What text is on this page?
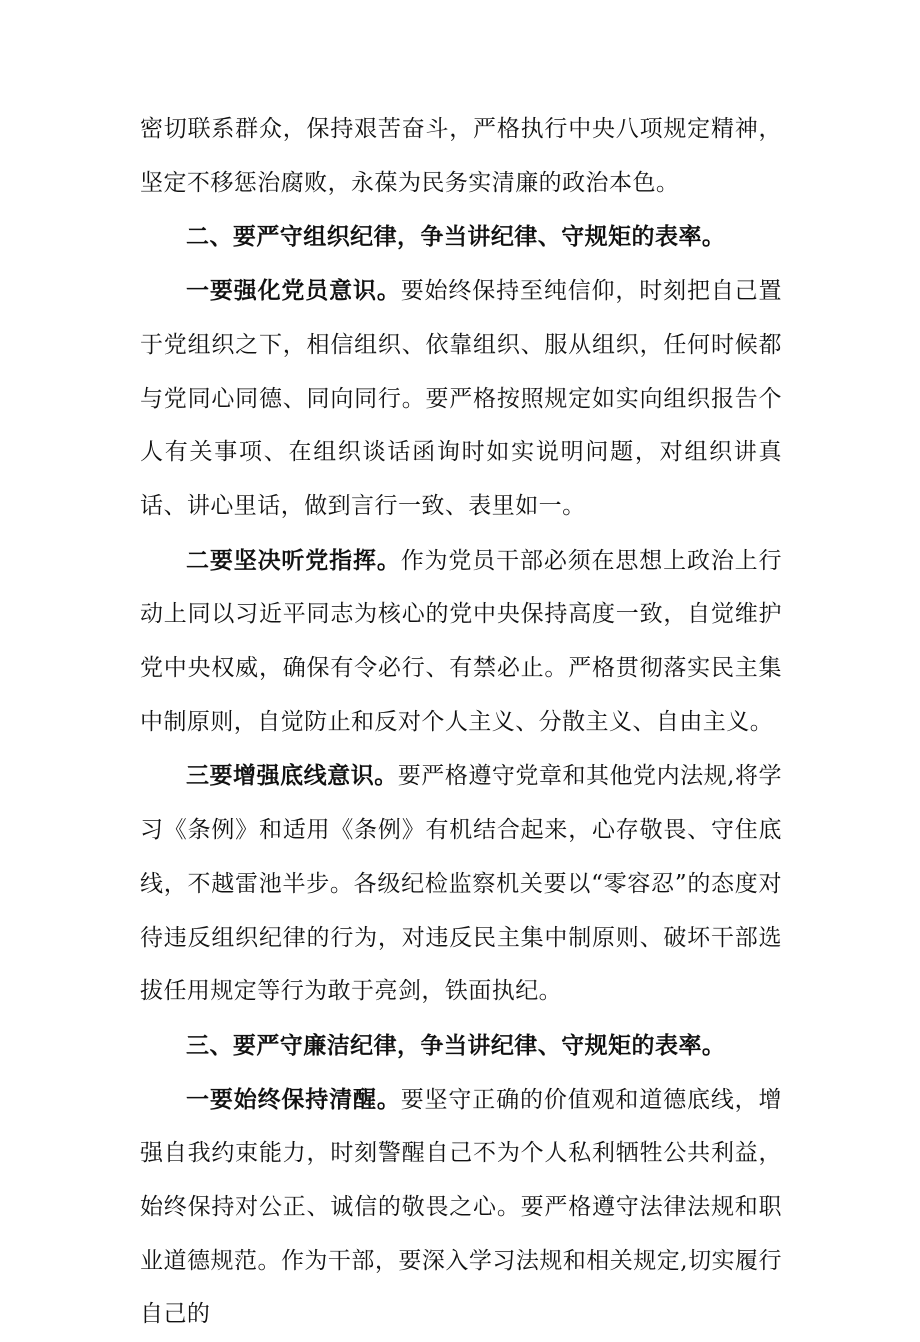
密切联系群众，保持艰苦奋斗，严格执行中央八项规定精神，坚定不移惩治腐败，永葆为民务实清廉的政治本色。

二、要严守组织纪律，争当讲纪律、守规矩的表率。

一要强化党员意识。要始终保持至纯信仰，时刻把自己置于党组织之下，相信组织、依靠组织、服从组织，任何时候都与党同心同德、同向同行。要严格按照规定如实向组织报告个人有关事项、在组织谈话函询时如实说明问题，对组织讲真话、讲心里话，做到言行一致、表里如一。

二要坚决听党指挥。作为党员干部必须在思想上政治上行动上同以习近平同志为核心的党中央保持高度一致，自觉维护党中央权威，确保有令必行、有禁必止。严格贯彻落实民主集中制原则，自觉防止和反对个人主义、分散主义、自由主义。

三要增强底线意识。要严格遵守党章和其他党内法规,将学习《条例》和适用《条例》有机结合起来，心存敬畏、守住底线，不越雷池半步。各级纪检监察机关要以“零容忍”的态度对待违反组织纪律的行为，对违反民主集中制原则、破坏干部选拔任用规定等行为敢于亮剑，铁面执纪。

三、要严守廉洁纪律，争当讲纪律、守规矩的表率。

一要始终保持清醒。要坚守正确的价值观和道德底线，增强自我约束能力，时刻警醒自己不为个人私利牺牲公共利益，始终保持对公正、诚信的敬畏之心。要严格遵守法律法规和职业道德规范。作为干部，要深入学习法规和相关规定,切实履行自己的
